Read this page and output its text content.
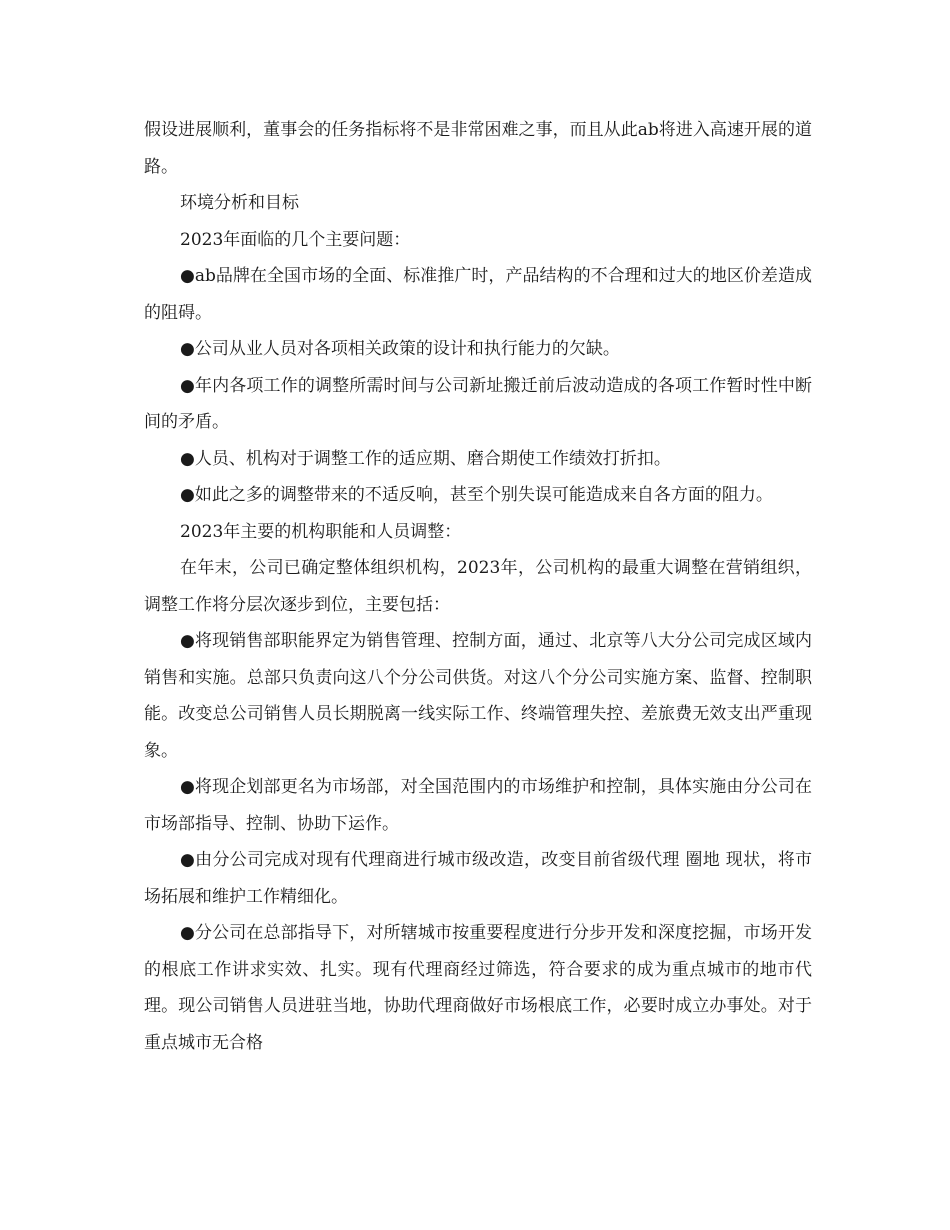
假设进展顺利，董事会的任务指标将不是非常困难之事，而且从此ab将进入高速开展的道路。

环境分析和目标

2023年面临的几个主要问题：

●ab品牌在全国市场的全面、标准推广时，产品结构的不合理和过大的地区价差造成的阻碍。

●公司从业人员对各项相关政策的设计和执行能力的欠缺。

●年内各项工作的调整所需时间与公司新址搬迁前后波动造成的各项工作暂时性中断间的矛盾。

●人员、机构对于调整工作的适应期、磨合期使工作绩效打折扣。

●如此之多的调整带来的不适反响，甚至个别失误可能造成来自各方面的阻力。

2023年主要的机构职能和人员调整：

在年末，公司已确定整体组织机构，2023年，公司机构的最重大调整在营销组织，调整工作将分层次逐步到位，主要包括：

●将现销售部职能界定为销售管理、控制方面，通过、北京等八大分公司完成区域内销售和实施。总部只负责向这八个分公司供货。对这八个分公司实施方案、监督、控制职能。改变总公司销售人员长期脱离一线实际工作、终端管理失控、差旅费无效支出严重现象。

●将现企划部更名为市场部，对全国范围内的市场维护和控制，具体实施由分公司在市场部指导、控制、协助下运作。

●由分公司完成对现有代理商进行城市级改造，改变目前省级代理 圈地 现状，将市场拓展和维护工作精细化。

●分公司在总部指导下，对所辖城市按重要程度进行分步开发和深度挖掘，市场开发的根底工作讲求实效、扎实。现有代理商经过筛选，符合要求的成为重点城市的地市代理。现公司销售人员进驻当地，协助代理商做好市场根底工作，必要时成立办事处。对于重点城市无合格
